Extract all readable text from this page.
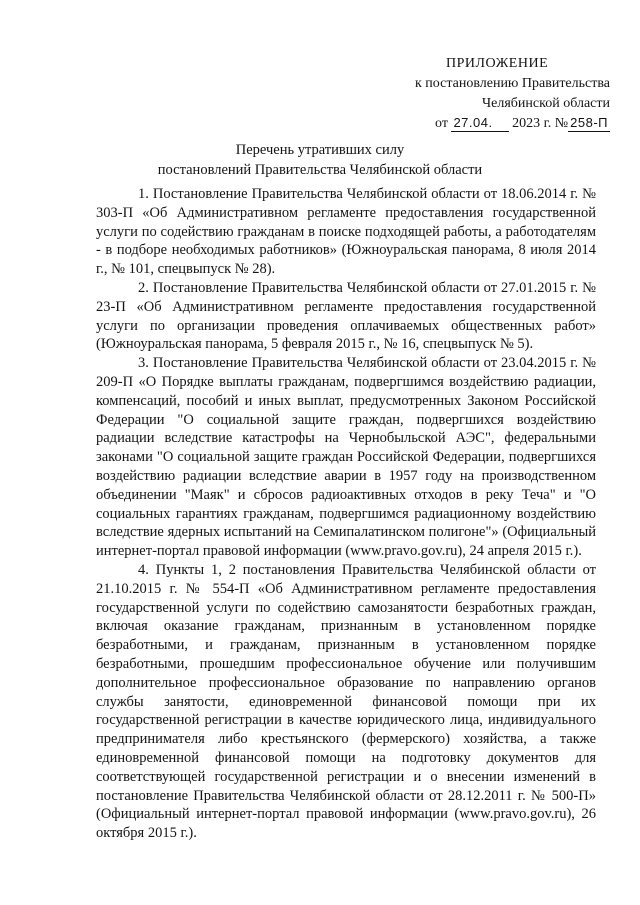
ПРИЛОЖЕНИЕ
к постановлению Правительства
Челябинской области
от 27.04. 2023 г. № 258-П
Перечень утративших силу
постановлений Правительства Челябинской области

1. Постановление Правительства Челябинской области от 18.06.2014 г. № 303-П «Об Административном регламенте предоставления государственной услуги по содействию гражданам в поиске подходящей работы, а работодателям - в подборе необходимых работников» (Южноуральская панорама, 8 июля 2014 г., № 101, спецвыпуск № 28).

2. Постановление Правительства Челябинской области от 27.01.2015 г. № 23-П «Об Административном регламенте предоставления государственной услуги по организации проведения оплачиваемых общественных работ» (Южноуральская панорама, 5 февраля 2015 г., № 16, спецвыпуск № 5).

3. Постановление Правительства Челябинской области от 23.04.2015 г. № 209-П «О Порядке выплаты гражданам, подвергшимся воздействию радиации, компенсаций, пособий и иных выплат, предусмотренных Законом Российской Федерации "О социальной защите граждан, подвергшихся воздействию радиации вследствие катастрофы на Чернобыльской АЭС", федеральными законами "О социальной защите граждан Российской Федерации, подвергшихся воздействию радиации вследствие аварии в 1957 году на производственном объединении "Маяк" и сбросов радиоактивных отходов в реку Теча" и "О социальных гарантиях гражданам, подвергшимся радиационному воздействию вследствие ядерных испытаний на Семипалатинском полигоне"» (Официальный интернет-портал правовой информации (www.pravo.gov.ru), 24 апреля 2015 г.).

4. Пункты 1, 2 постановления Правительства Челябинской области от 21.10.2015 г. № 554-П «Об Административном регламенте предоставления государственной услуги по содействию самозанятости безработных граждан, включая оказание гражданам, признанным в установленном порядке безработными, и гражданам, признанным в установленном порядке безработными, прошедшим профессиональное обучение или получившим дополнительное профессиональное образование по направлению органов службы занятости, единовременной финансовой помощи при их государственной регистрации в качестве юридического лица, индивидуального предпринимателя либо крестьянского (фермерского) хозяйства, а также единовременной финансовой помощи на подготовку документов для соответствующей государственной регистрации и о внесении изменений в постановление Правительства Челябинской области от 28.12.2011 г. № 500-П» (Официальный интернет-портал правовой информации (www.pravo.gov.ru), 26 октября 2015 г.).
